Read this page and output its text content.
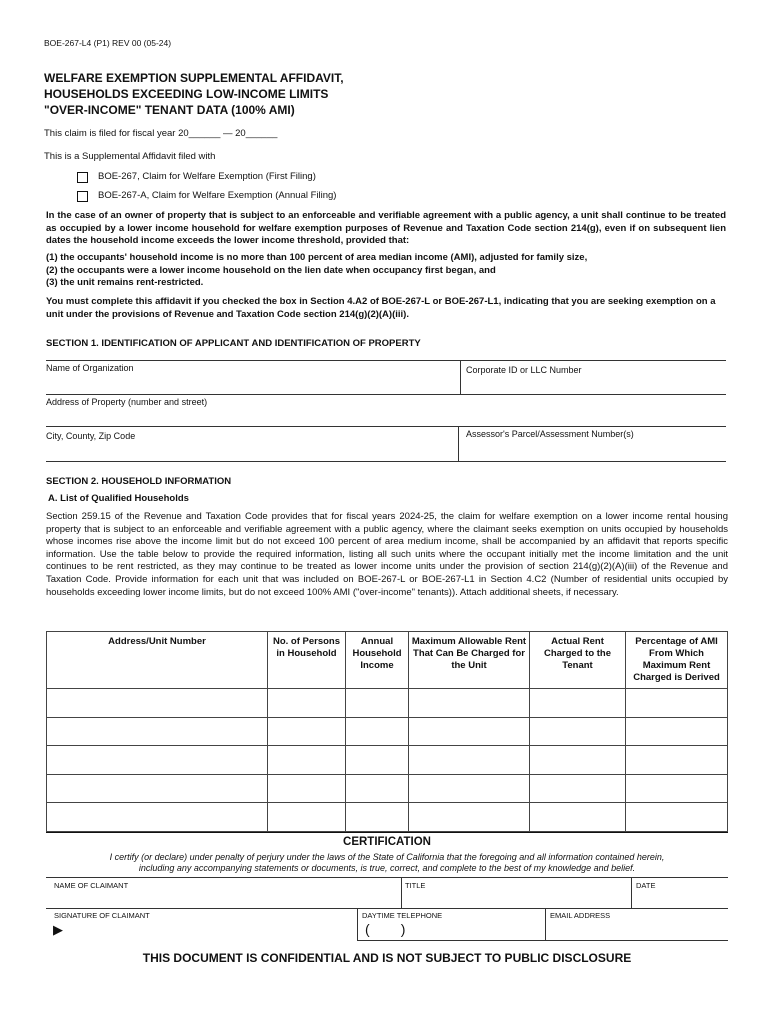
BOE-267-L4 (P1) REV 00 (05-24)
WELFARE EXEMPTION SUPPLEMENTAL AFFIDAVIT,
HOUSEHOLDS EXCEEDING LOW-INCOME LIMITS
"OVER-INCOME" TENANT DATA (100% AMI)
This claim is filed for fiscal year 20______ — 20______
This is a Supplemental Affidavit filed with
BOE-267, Claim for Welfare Exemption (First Filing)
BOE-267-A, Claim for Welfare Exemption (Annual Filing)
In the case of an owner of property that is subject to an enforceable and verifiable agreement with a public agency, a unit shall continue to be treated as occupied by a lower income household for welfare exemption purposes of Revenue and Taxation Code section 214(g), even if on subsequent lien dates the household income exceeds the lower income threshold, provided that:
(1) the occupants' household income is no more than 100 percent of area median income (AMI), adjusted for family size,
(2) the occupants were a lower income household on the lien date when occupancy first began, and
(3) the unit remains rent-restricted.
You must complete this affidavit if you checked the box in Section 4.A2 of BOE-267-L or BOE-267-L1, indicating that you are seeking exemption on a unit under the provisions of Revenue and Taxation Code section 214(g)(2)(A)(iii).
SECTION 1. IDENTIFICATION OF APPLICANT AND IDENTIFICATION OF PROPERTY
Name of Organization	Corporate ID or LLC Number
Address of Property (number and street)
City, County, Zip Code	Assessor's Parcel/Assessment Number(s)
SECTION 2. HOUSEHOLD INFORMATION
A. List of Qualified Households
Section 259.15 of the Revenue and Taxation Code provides that for fiscal years 2024-25, the claim for welfare exemption on a lower income rental housing property that is subject to an enforceable and verifiable agreement with a public agency, where the claimant seeks exemption on units occupied by households whose incomes rise above the income limit but do not exceed 100 percent of area medium income, shall be accompanied by an affidavit that reports specific information. Use the table below to provide the required information, listing all such units where the occupant initially met the income limitation and the unit continues to be rent restricted, as they may continue to be treated as lower income units under the provision of section 214(g)(2)(A)(iii) of the Revenue and Taxation Code. Provide information for each unit that was included on BOE-267-L or BOE-267-L1 in Section 4.C2 (Number of residential units occupied by households exceeding lower income limits, but do not exceed 100% AMI ("over-income" tenants)). Attach additional sheets, if necessary.
Address/Unit Number	No. of Persons in Household	Annual Household Income	Maximum Allowable Rent That Can Be Charged for the Unit	Actual Rent Charged to the Tenant	Percentage of AMI From Which Maximum Rent Charged is Derived

CERTIFICATION
I certify (or declare) under penalty of perjury under the laws of the State of California that the foregoing and all information contained herein,
including any accompanying statements or documents, is true, correct, and complete to the best of my knowledge and belief.
NAME OF CLAIMANT	TITLE	DATE
SIGNATURE OF CLAIMANT
▶
DAYTIME TELEPHONE
(        )
EMAIL ADDRESS
THIS DOCUMENT IS CONFIDENTIAL AND IS NOT SUBJECT TO PUBLIC DISCLOSURE
